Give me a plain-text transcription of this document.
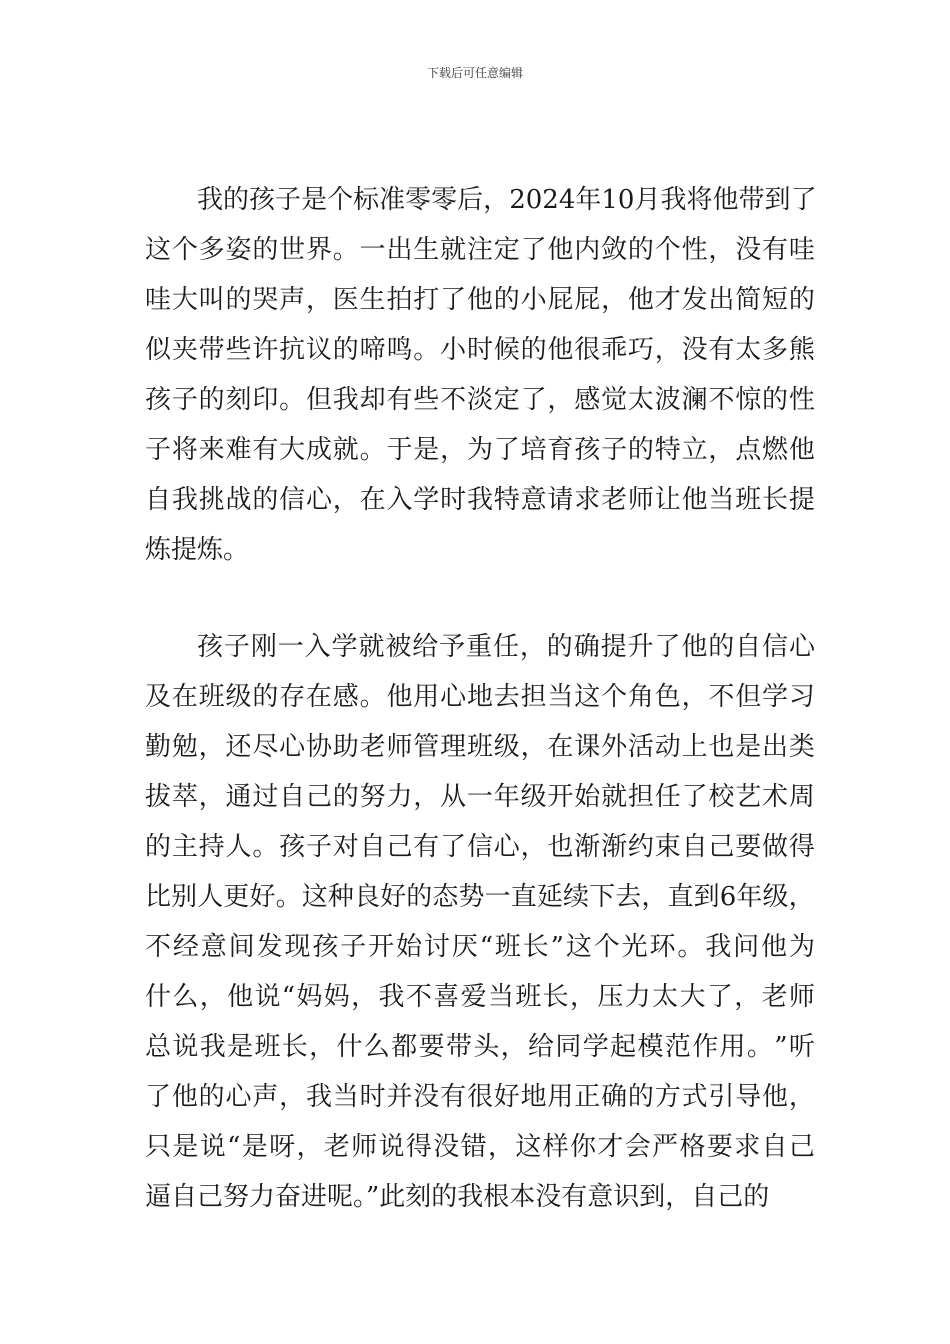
下载后可任意编辑
我 的 孩 子 是 个 标 准 零 零 后 ， 2024 年 10 月 我 将 他 带 到 了
这 个 多 姿 的 世 界 。 一 出 生 就 注 定 了 他 内 敛 的 个 性 ， 没 有 哇
哇 大 叫 的 哭 声 ， 医 生 拍 打 了 他 的 小 屁 屁 ， 他 才 发 出 简 短 的
似 夹 带 些 许 抗 议 的 啼 鸣 。 小 时 候 的 他 很 乖 巧 ， 没 有 太 多 熊
孩 子 的 刻 印 。 但 我 却 有 些 不 淡 定 了 ， 感 觉 太 波 澜 不 惊 的 性
子 将 来 难 有 大 成 就 。 于 是 ， 为 了 培 育 孩 子 的 特 立 ， 点 燃 他
自 我 挑 战 的 信 心 ， 在 入 学 时 我 特 意 请 求 老 师 让 他 当 班 长 提
炼提炼。
孩 子 刚 一 入 学 就 被 给 予 重 任 ， 的 确 提 升 了 他 的 自 信 心
及 在 班 级 的 存 在 感 。 他 用 心 地 去 担 当 这 个 角 色 ， 不 但 学 习
勤 勉 ， 还 尽 心 协 助 老 师 管 理 班 级 ， 在 课 外 活 动 上 也 是 出 类
拔 萃 ， 通 过 自 己 的 努 力 ， 从 一 年 级 开 始 就 担 任 了 校 艺 术 周
的 主 持 人 。 孩 子 对 自 己 有 了 信 心 ， 也 渐 渐 约 束 自 己 要 做 得
比 别 人 更 好 。 这 种 良 好 的 态 势 一 直 延 续 下 去 ， 直 到 6 年 级 ，
不 经 意 间 发 现 孩 子 开 始 讨 厌 “ 班 长 ” 这 个 光 环 。 我 问 他 为
什 么 ， 他 说 “ 妈 妈 ， 我 不 喜 爱 当 班 长 ， 压 力 太 大 了 ， 老 师
总 说 我 是 班 长 ， 什 么 都 要 带 头 ， 给 同 学 起 模 范 作 用 。 ” 听
了 他 的 心 声 ， 我 当 时 并 没 有 很 好 地 用 正 确 的 方 式 引 导 他 ，
只 是 说 “ 是 呀 ， 老 师 说 得 没 错 ， 这 样 你 才 会 严 格 要 求 自 己
逼自己努力奋进呢。”此刻的我根本没有意识到，自己的
